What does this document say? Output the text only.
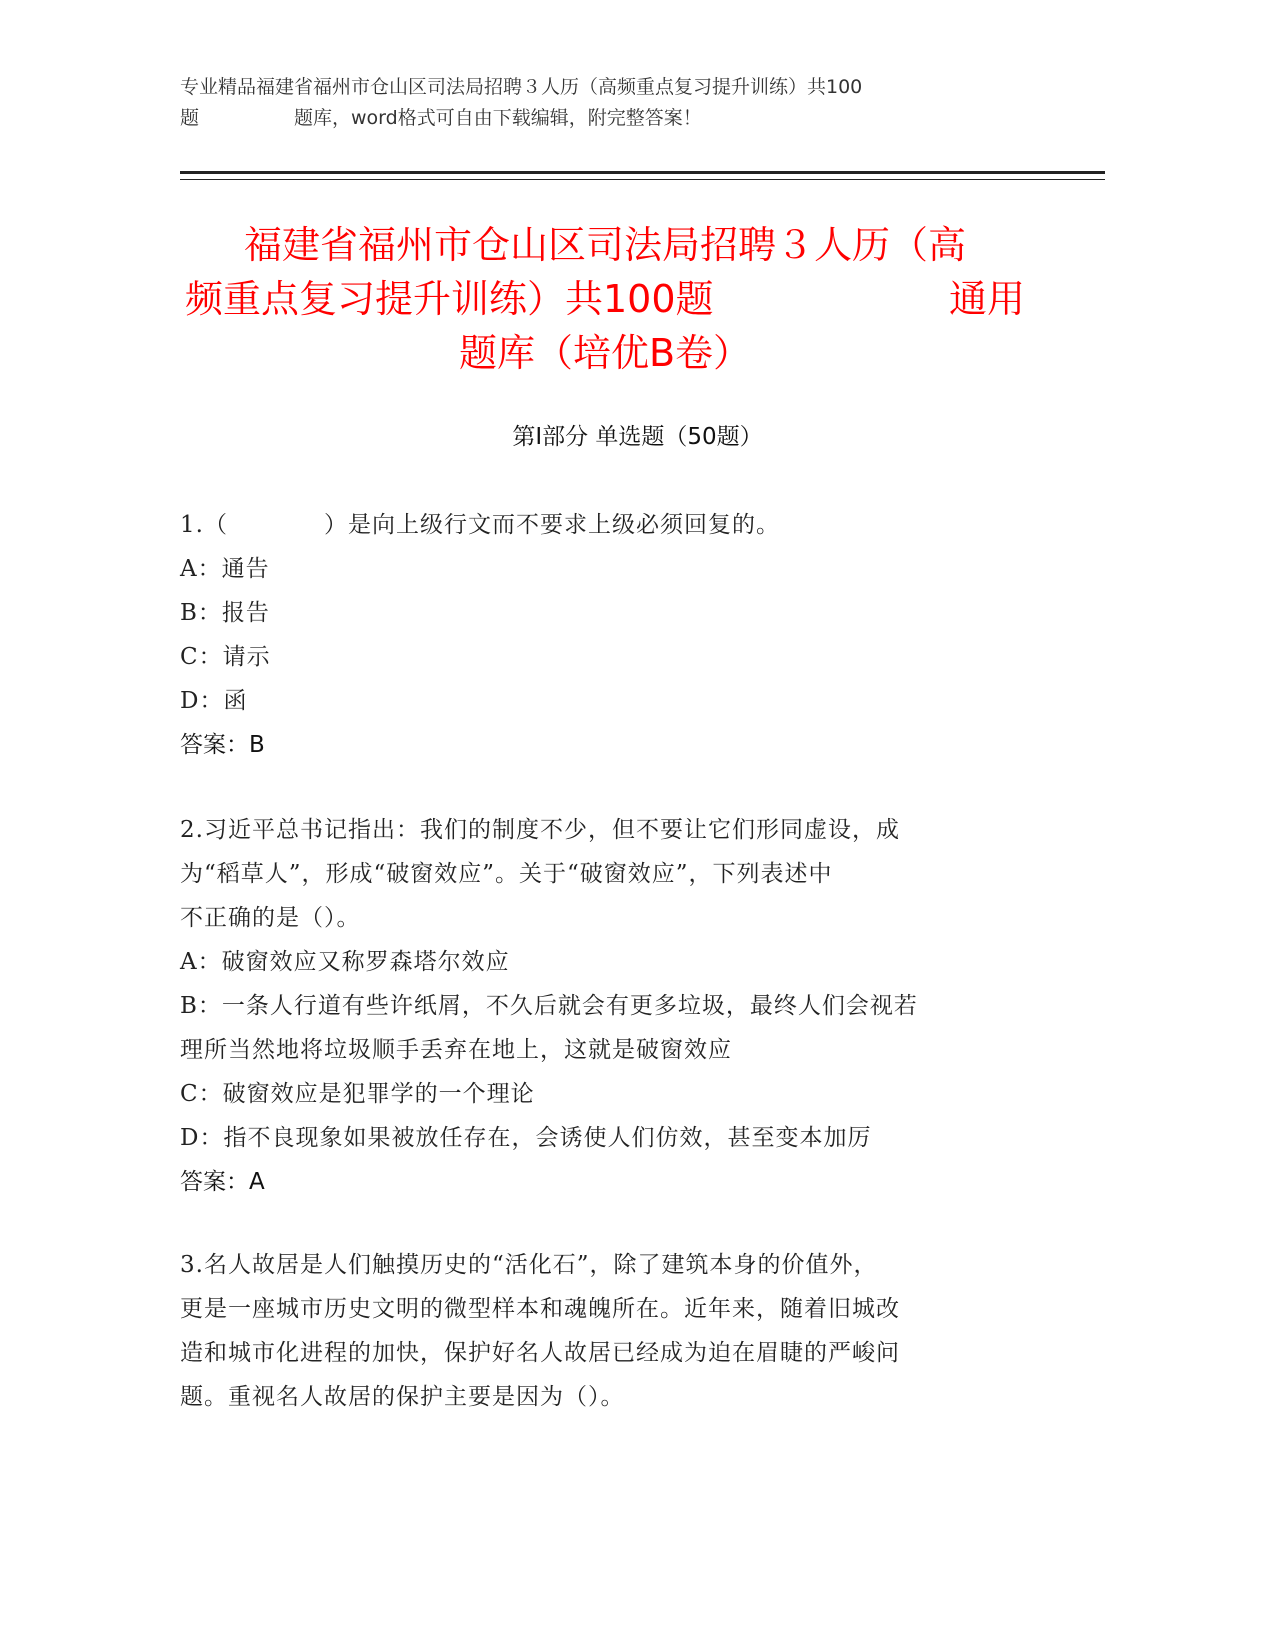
专业精品福建省福州市仓山区司法局招聘３人历（高频重点复习提升训练）共100
题	题库，word格式可自由下载编辑，附完整答案！
福建省福州市仓山区司法局招聘３人历（高
频重点复习提升训练）共100题	通用
题库（培优B卷）
第Ⅰ部分 单选题（50题）
1.（　　　　）是向上级行文而不要求上级必须回复的。
A：通告
B：报告
C：请示
D：函
答案：B
2.习近平总书记指出：我们的制度不少，但不要让它们形同虚设，成
为“稻草人”，形成“破窗效应”。关于“破窗效应”，下列表述中
不正确的是（）。
A：破窗效应又称罗森塔尔效应
B：一条人行道有些许纸屑，不久后就会有更多垃圾，最终人们会视若
理所当然地将垃圾顺手丢弃在地上，这就是破窗效应
C：破窗效应是犯罪学的一个理论
D：指不良现象如果被放任存在，会诱使人们仿效，甚至变本加厉
答案：A
3.名人故居是人们触摸历史的“活化石”，除了建筑本身的价值外，
更是一座城市历史文明的微型样本和魂魄所在。近年来，随着旧城改
造和城市化进程的加快，保护好名人故居已经成为迫在眉睫的严峻问
题。重视名人故居的保护主要是因为（）。
